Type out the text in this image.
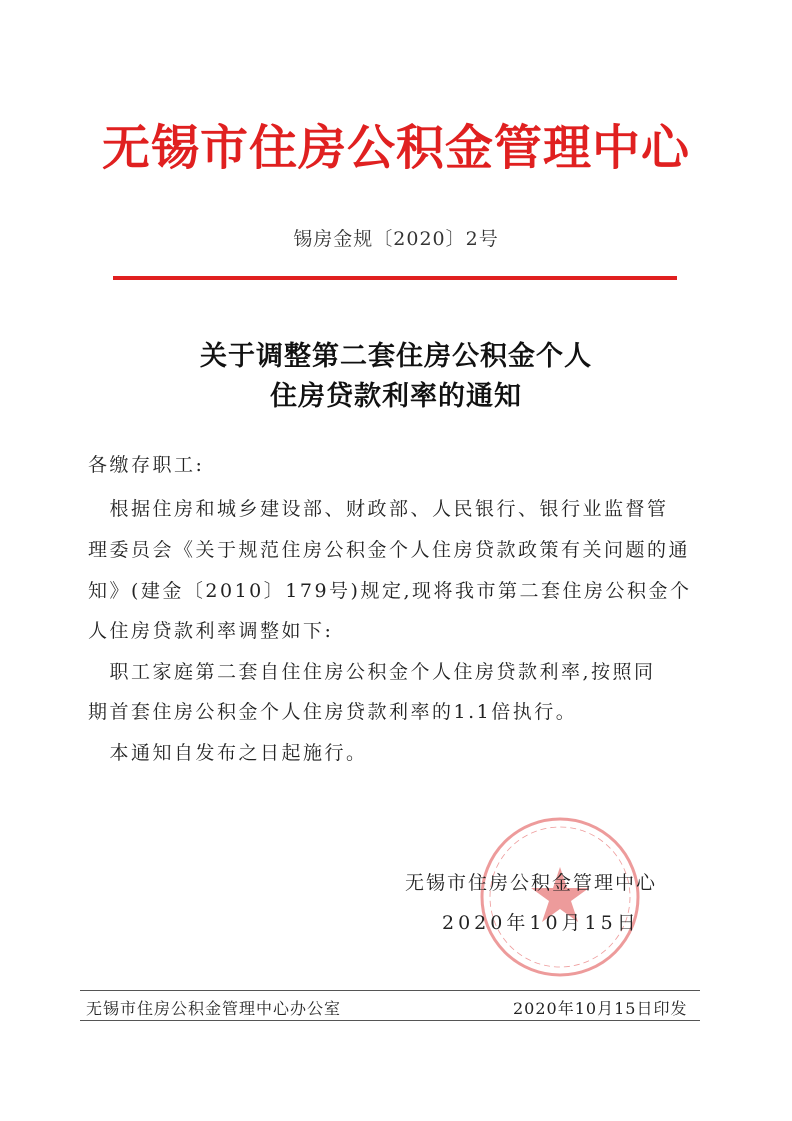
无锡市住房公积金管理中心
锡房金规〔2020〕2号
关于调整第二套住房公积金个人
住房贷款利率的通知
各缴存职工:
　根据住房和城乡建设部、财政部、人民银行、银行业监督管
理委员会《关于规范住房公积金个人住房贷款政策有关问题的通
知》(建金〔2010〕179号)规定,现将我市第二套住房公积金个
人住房贷款利率调整如下:
　职工家庭第二套自住住房公积金个人住房贷款利率,按照同
期首套住房公积金个人住房贷款利率的1.1倍执行。
　本通知自发布之日起施行。
无锡市住房公积金管理中心
2020年10月15日
无锡市住房公积金管理中心办公室	2020年10月15日印发
